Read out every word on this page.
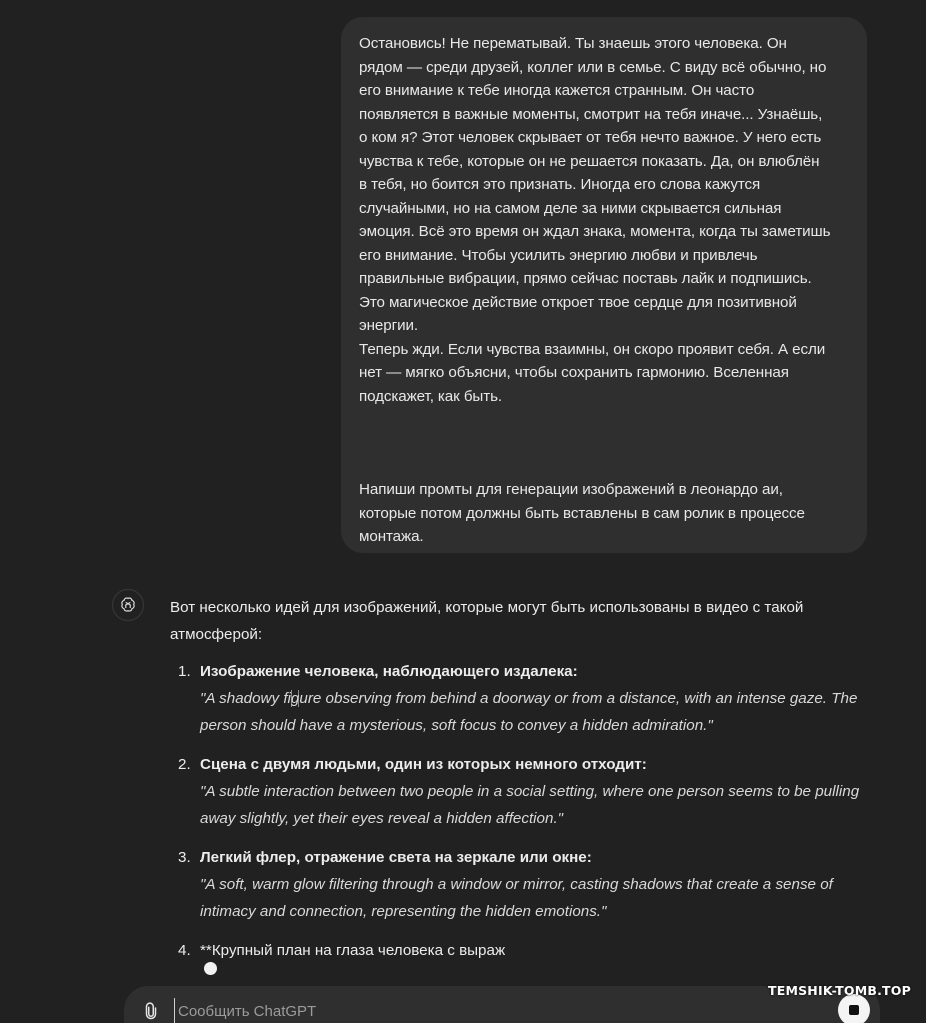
Остановись! Не перематывай. Ты знаешь этого человека. Он
рядом — среди друзей, коллег или в семье. С виду всё обычно, но
его внимание к тебе иногда кажется странным. Он часто
появляется в важные моменты, смотрит на тебя иначе... Узнаёшь,
о ком я? Этот человек скрывает от тебя нечто важное. У него есть
чувства к тебе, которые он не решается показать. Да, он влюблён
в тебя, но боится это признать. Иногда его слова кажутся
случайными, но на самом деле за ними скрывается сильная
эмоция. Всё это время он ждал знака, момента, когда ты заметишь
его внимание. Чтобы усилить энергию любви и привлечь
правильные вибрации, прямо сейчас поставь лайк и подпишись.
Это магическое действие откроет твое сердце для позитивной
энергии.
Теперь жди. Если чувства взаимны, он скоро проявит себя. А если
нет — мягко объясни, чтобы сохранить гармонию. Вселенная
подскажет, как быть.
Напиши промты для генерации изображений в леонардо аи,
которые потом должны быть вставлены в сам ролик в процессе
монтажа.

Вот несколько идей для изображений, которые могут быть использованы в видео с такой атмосферой:

1. Изображение человека, наблюдающего издалека:
"A shadowy figure observing from behind a doorway or from a distance, with an intense gaze. The person should have a mysterious, soft focus to convey a hidden admiration."
2. Сцена с двумя людьми, один из которых немного отходит:
"A subtle interaction between two people in a social setting, where one person seems to be pulling away slightly, yet their eyes reveal a hidden affection."
3. Легкий флер, отражение света на зеркале или окне:
"A soft, warm glow filtering through a window or mirror, casting shadows that create a sense of intimacy and connection, representing the hidden emotions."
4. **Крупный план на глаза человека с выраж
Сообщить ChatGPT
TEMSHIK-TOMB.TOP
